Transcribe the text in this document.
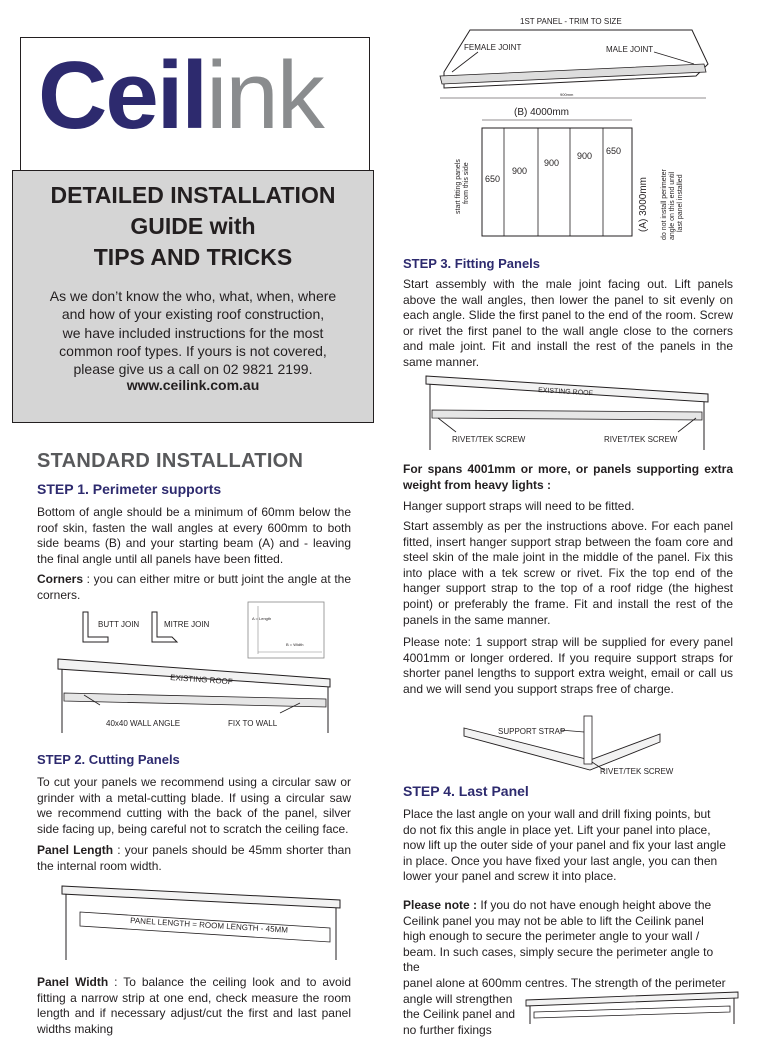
Ceilink
DETAILED INSTALLATION
GUIDE with
TIPS AND TRICKS
As we don’t know the who, what, when, where
and how of your existing roof construction,
we have included instructions for the most
common roof types. If yours is not covered,
please give us a call on 02 9821 2199.
www.ceilink.com.au
STANDARD INSTALLATION
STEP 1. Perimeter supports

Bottom of angle should be a minimum of 60mm below the roof skin, fasten the wall angles at every 600mm to both side beams (B) and your starting beam (A) and - leaving the final angle until all panels have been fitted.

Corners : you can either mitre or butt joint the angle at the corners.

BUTT JOIN	MITRE JOIN
A = Length
B = Width
EXISTING ROOF
40x40 WALL ANGLE	FIX TO WALL
STEP 2. Cutting Panels

To cut your panels we recommend using a circular saw or grinder with a metal-cutting blade. If using a circular saw we recommend cutting with the back of the panel, silver side facing up, being careful not to scratch the ceiling face.

Panel Length : your panels should be 45mm shorter than the internal room width.

PANEL LENGTH = ROOM LENGTH - 45MM

Panel Width : To balance the ceiling look and to avoid fitting a narrow strip at one end, check measure the room length and if necessary adjust/cut the first and last panel widths making

1ST PANEL - TRIM TO SIZE
FEMALE JOINT	MALE JOINT
900mm
(B) 4000mm
650
900
900
900 650
start fitting panels from this side	(A) 3000mm do not install perimeter angle on this end until last panel installed
STEP 3. Fitting Panels

Start assembly with the male joint facing out. Lift panels above the wall angles, then lower the panel to sit evenly on each angle. Slide the first panel to the end of the room. Screw or rivet the first panel to the wall angle close to the corners and male joint. Fit and install the rest of the panels in the same manner.

EXISTING ROOF
RIVET/TEK SCREW	RIVET/TEK SCREW

For spans 4001mm or more, or panels supporting extra weight from heavy lights :

Hanger support straps will need to be fitted.

Start assembly as per the instructions above. For each panel fitted, insert hanger support strap between the foam core and steel skin of the male joint in the middle of the panel. Fix this into place with a tek screw or rivet. Fix the top end of the hanger support strap to the top of a roof ridge (the highest point) or preferably the frame. Fit and install the rest of the panels in the same manner.

Please note: 1 support strap will be supplied for every panel 4001mm or longer ordered. If you require support straps for shorter panel lengths to support extra weight, email or call us and we will send you support straps free of charge.

SUPPORT STRAP
RIVET/TEK SCREW
STEP 4. Last Panel
Place the last angle on your wall and drill fixing points, but
do not fix this angle in place yet. Lift your panel into place,
now lift up the outer side of your panel and fix your last angle
in place. Once you have fixed your last angle, you can then
lower your panel and screw it into place.
Please note : If you do not have enough height above the
Ceilink panel you may not be able to lift the Ceilink panel
high enough to secure the perimeter angle to your wall /
beam. In such cases, simply secure the perimeter angle to the
panel alone at 600mm centres. The strength of the perimeter
angle will strengthen
the Ceilink panel and
no further fixings
